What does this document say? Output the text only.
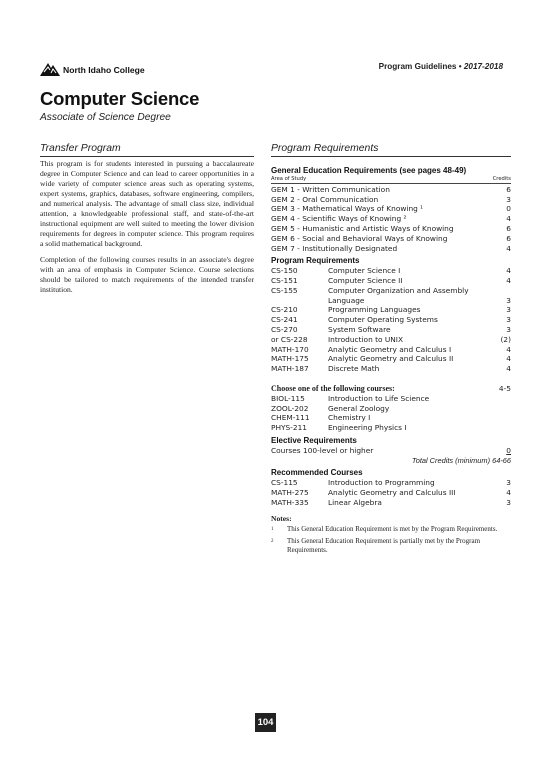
North Idaho College	Program Guidelines • 2017-2018
Computer Science
Associate of Science Degree
Transfer Program	Program Requirements

This program is for students interested in pursuing a baccalaureate degree in Computer Science and can lead to career opportunities in a wide variety of computer science areas such as operating systems, expert systems, graphics, databases, software engineering, compilers, and numerical analysis. The advantage of small class size, individual attention, a knowledgeable professional staff, and state-of-the-art instructional equipment are well suited to meeting the lower division requirements for degrees in computer science. This program requires a solid mathematical background.

Completion of the following courses results in an associate's degree with an area of emphasis in Computer Science. Course selections should be tailored to match requirements of the intended transfer institution.

General Education Requirements (see pages 48-49)
Area of Study	Credits
GEM 1 - Written Communication	6
GEM 2 - Oral Communication	3
GEM 3 - Mathematical Ways of Knowing ¹	0
GEM 4 - Scientific Ways of Knowing ²	4
GEM 5 - Humanistic and Artistic Ways of Knowing	6
GEM 6 - Social and Behavioral Ways of Knowing	6
GEM 7 - Institutionally Designated	4
Program Requirements
CS-150	Computer Science I	4
CS-151	Computer Science II	4
CS-155	Computer Organization and Assembly
Language	3
CS-210	Programming Languages	3
CS-241	Computer Operating Systems	3
CS-270	System Software	3
or CS-228	Introduction to UNIX	(2)
MATH-170	Analytic Geometry and Calculus I	4
MATH-175	Analytic Geometry and Calculus II	4
MATH-187	Discrete Math	4
Choose one of the following courses:	4-5
BIOL-115	Introduction to Life Science
ZOOL-202	General Zoology
CHEM-111	Chemistry I
PHYS-211	Engineering Physics I
Elective Requirements
Courses 100-level or higher	0
Total Credits (minimum) 64-66
Recommended Courses
CS-115	Introduction to Programming	3
MATH-275	Analytic Geometry and Calculus III	4
MATH-335	Linear Algebra	3
Notes:
1	This General Education Requirement is met by the Program Requirements.
2	This General Education Requirement is partially met by the Program Requirements.
104
